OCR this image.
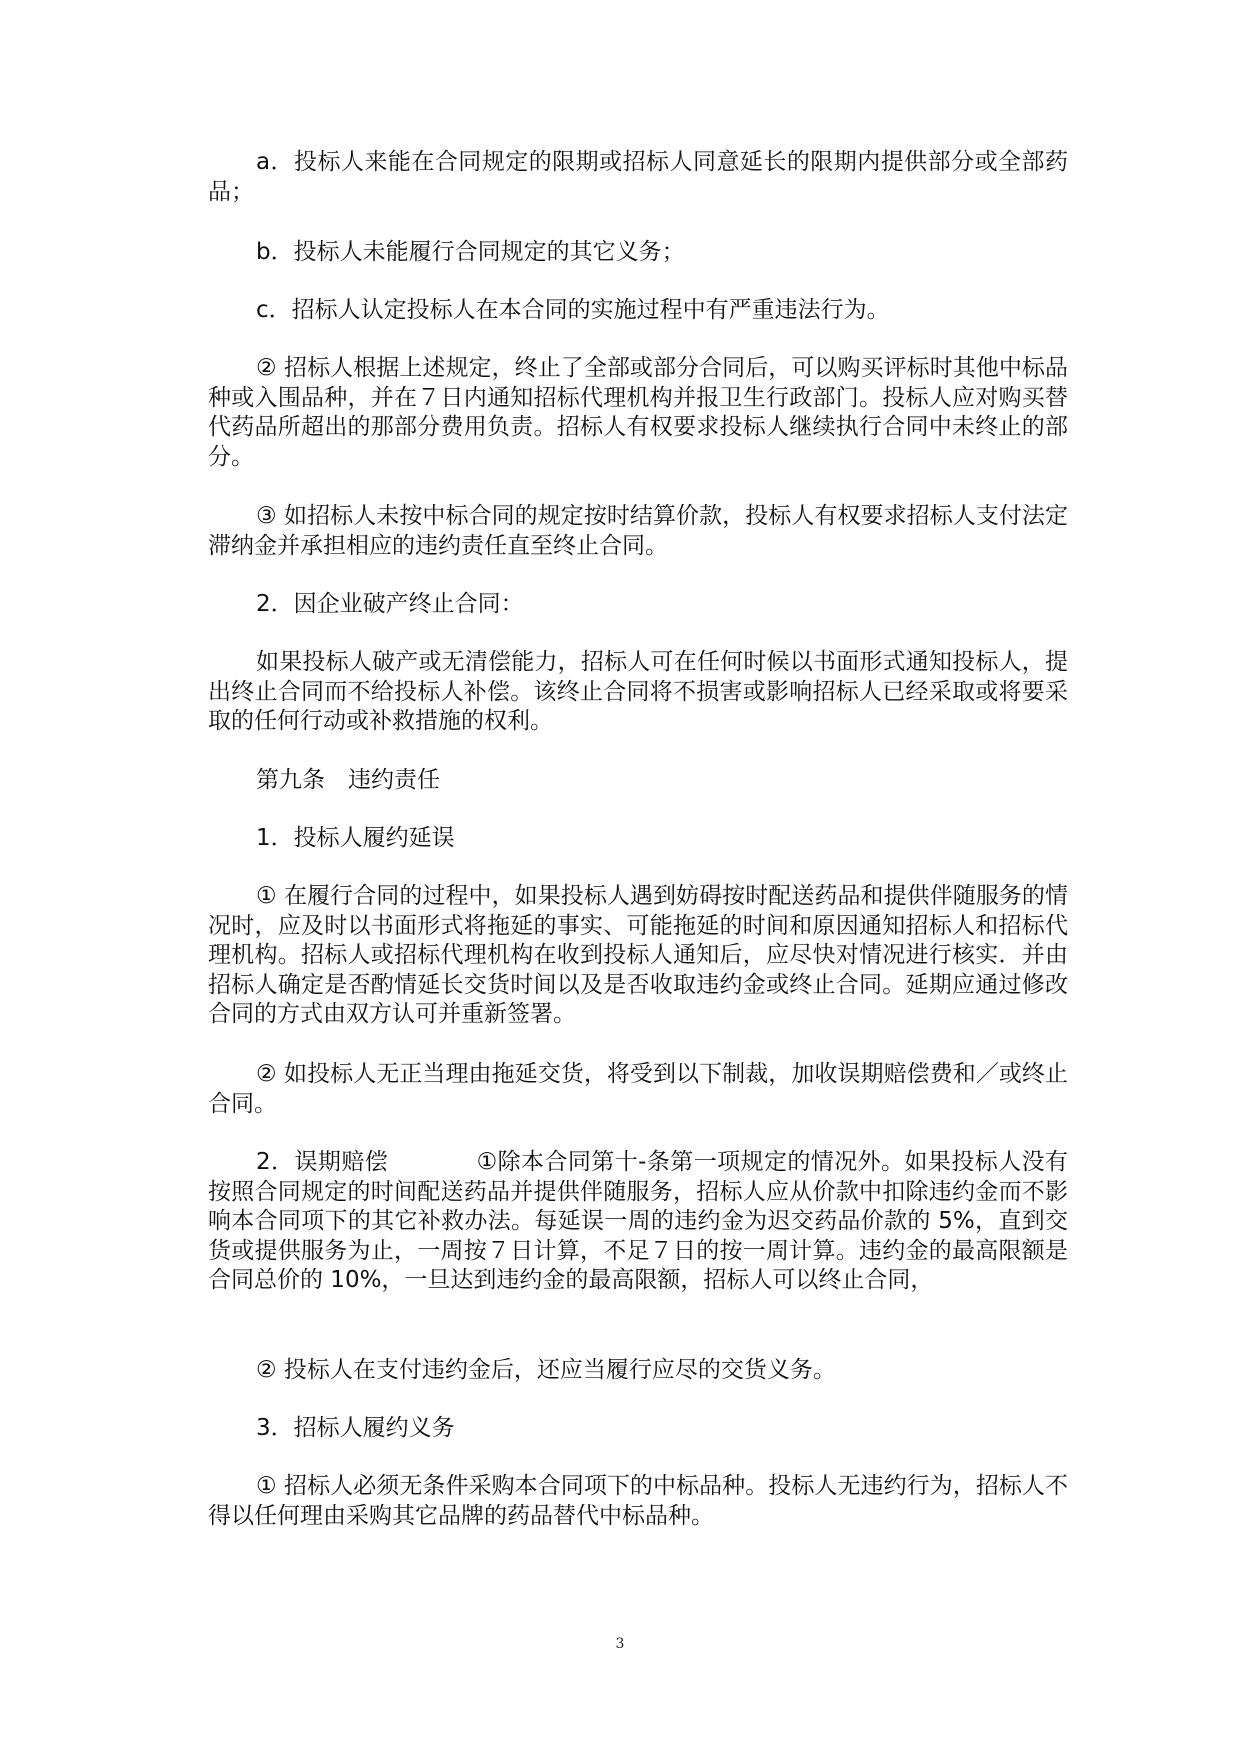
a．投标人来能在合同规定的限期或招标人同意延长的限期内提供部分或全部药品；

b．投标人未能履行合同规定的其它义务；

c．招标人认定投标人在本合同的实施过程中有严重违法行为。

② 招标人根据上述规定，终止了全部或部分合同后，可以购买评标时其他中标品种或入围品种，并在７日内通知招标代理机构并报卫生行政部门。投标人应对购买替代药品所超出的那部分费用负责。招标人有权要求投标人继续执行合同中未终止的部分。

③ 如招标人未按中标合同的规定按时结算价款，投标人有权要求招标人支付法定滞纳金并承担相应的违约责任直至终止合同。

2．因企业破产终止合同：

如果投标人破产或无清偿能力，招标人可在任何时候以书面形式通知投标人，提出终止合同而不给投标人补偿。该终止合同将不损害或影响招标人已经采取或将要采取的任何行动或补救措施的权利。

第九条　违约责任

1．投标人履约延误

① 在履行合同的过程中，如果投标人遇到妨碍按时配送药品和提供伴随服务的情况时，应及时以书面形式将拖延的事实、可能拖延的时间和原因通知招标人和招标代理机构。招标人或招标代理机构在收到投标人通知后，应尽快对情况进行核实．并由招标人确定是否酌情延长交货时间以及是否收取违约金或终止合同。延期应通过修改合同的方式由双方认可并重新签署。

② 如投标人无正当理由拖延交货，将受到以下制裁，加收误期赔偿费和／或终止合同。

2．误期赔偿	①除本合同第十-条第一项规定的情况外。如果投标人没有按照合同规定的时间配送药品并提供伴随服务，招标人应从价款中扣除违约金而不影响本合同项下的其它补救办法。每延误一周的违约金为迟交药品价款的 5%，直到交货或提供服务为止，一周按７日计算，不足７日的按一周计算。违约金的最高限额是合同总价的 10%，一旦达到违约金的最高限额，招标人可以终止合同，

② 投标人在支付违约金后，还应当履行应尽的交货义务。

3．招标人履约义务

① 招标人必须无条件采购本合同项下的中标品种。投标人无违约行为，招标人不得以任何理由采购其它品牌的药品替代中标品种。

3
